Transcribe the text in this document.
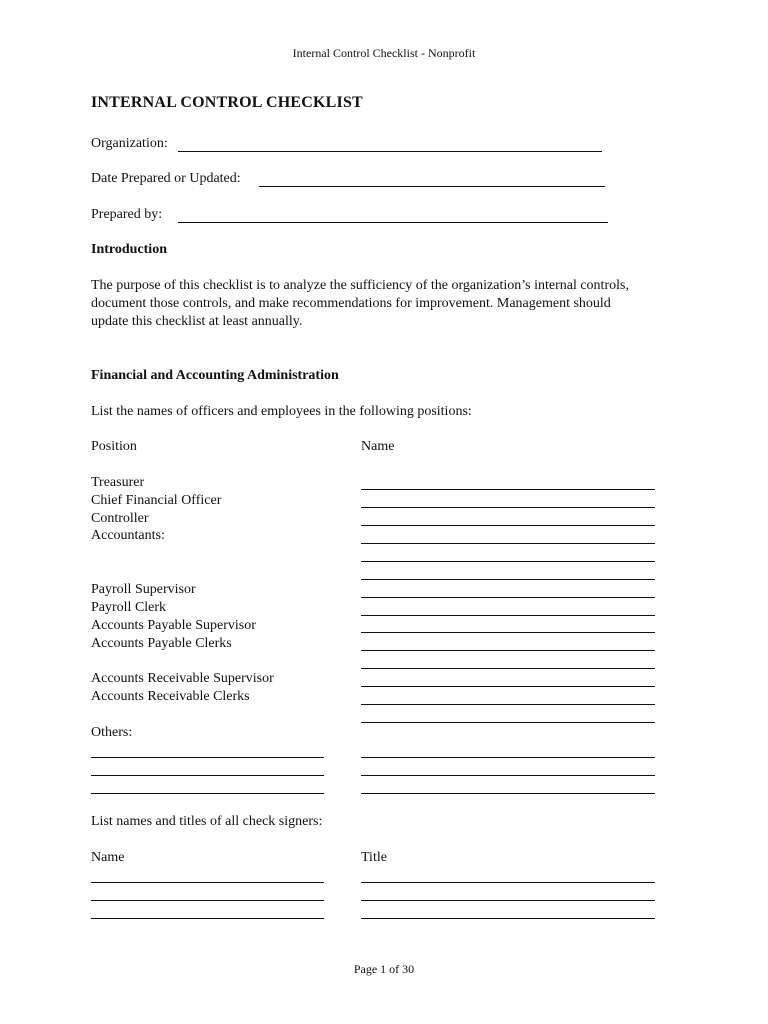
Internal Control Checklist - Nonprofit
INTERNAL CONTROL CHECKLIST
Organization:
Date Prepared or Updated:
Prepared by:
Introduction
The purpose of this checklist is to analyze the sufficiency of the organization’s internal controls,
document those controls, and make recommendations for improvement. Management should
update this checklist at least annually.
Financial and Accounting Administration
List the names of officers and employees in the following positions:
Position	Name
Treasurer
Chief Financial Officer
Controller
Accountants:
Payroll Supervisor
Payroll Clerk
Accounts Payable Supervisor
Accounts Payable Clerks
Accounts Receivable Supervisor
Accounts Receivable Clerks
Others:
List names and titles of all check signers:
Name	Title
Page 1 of 30
